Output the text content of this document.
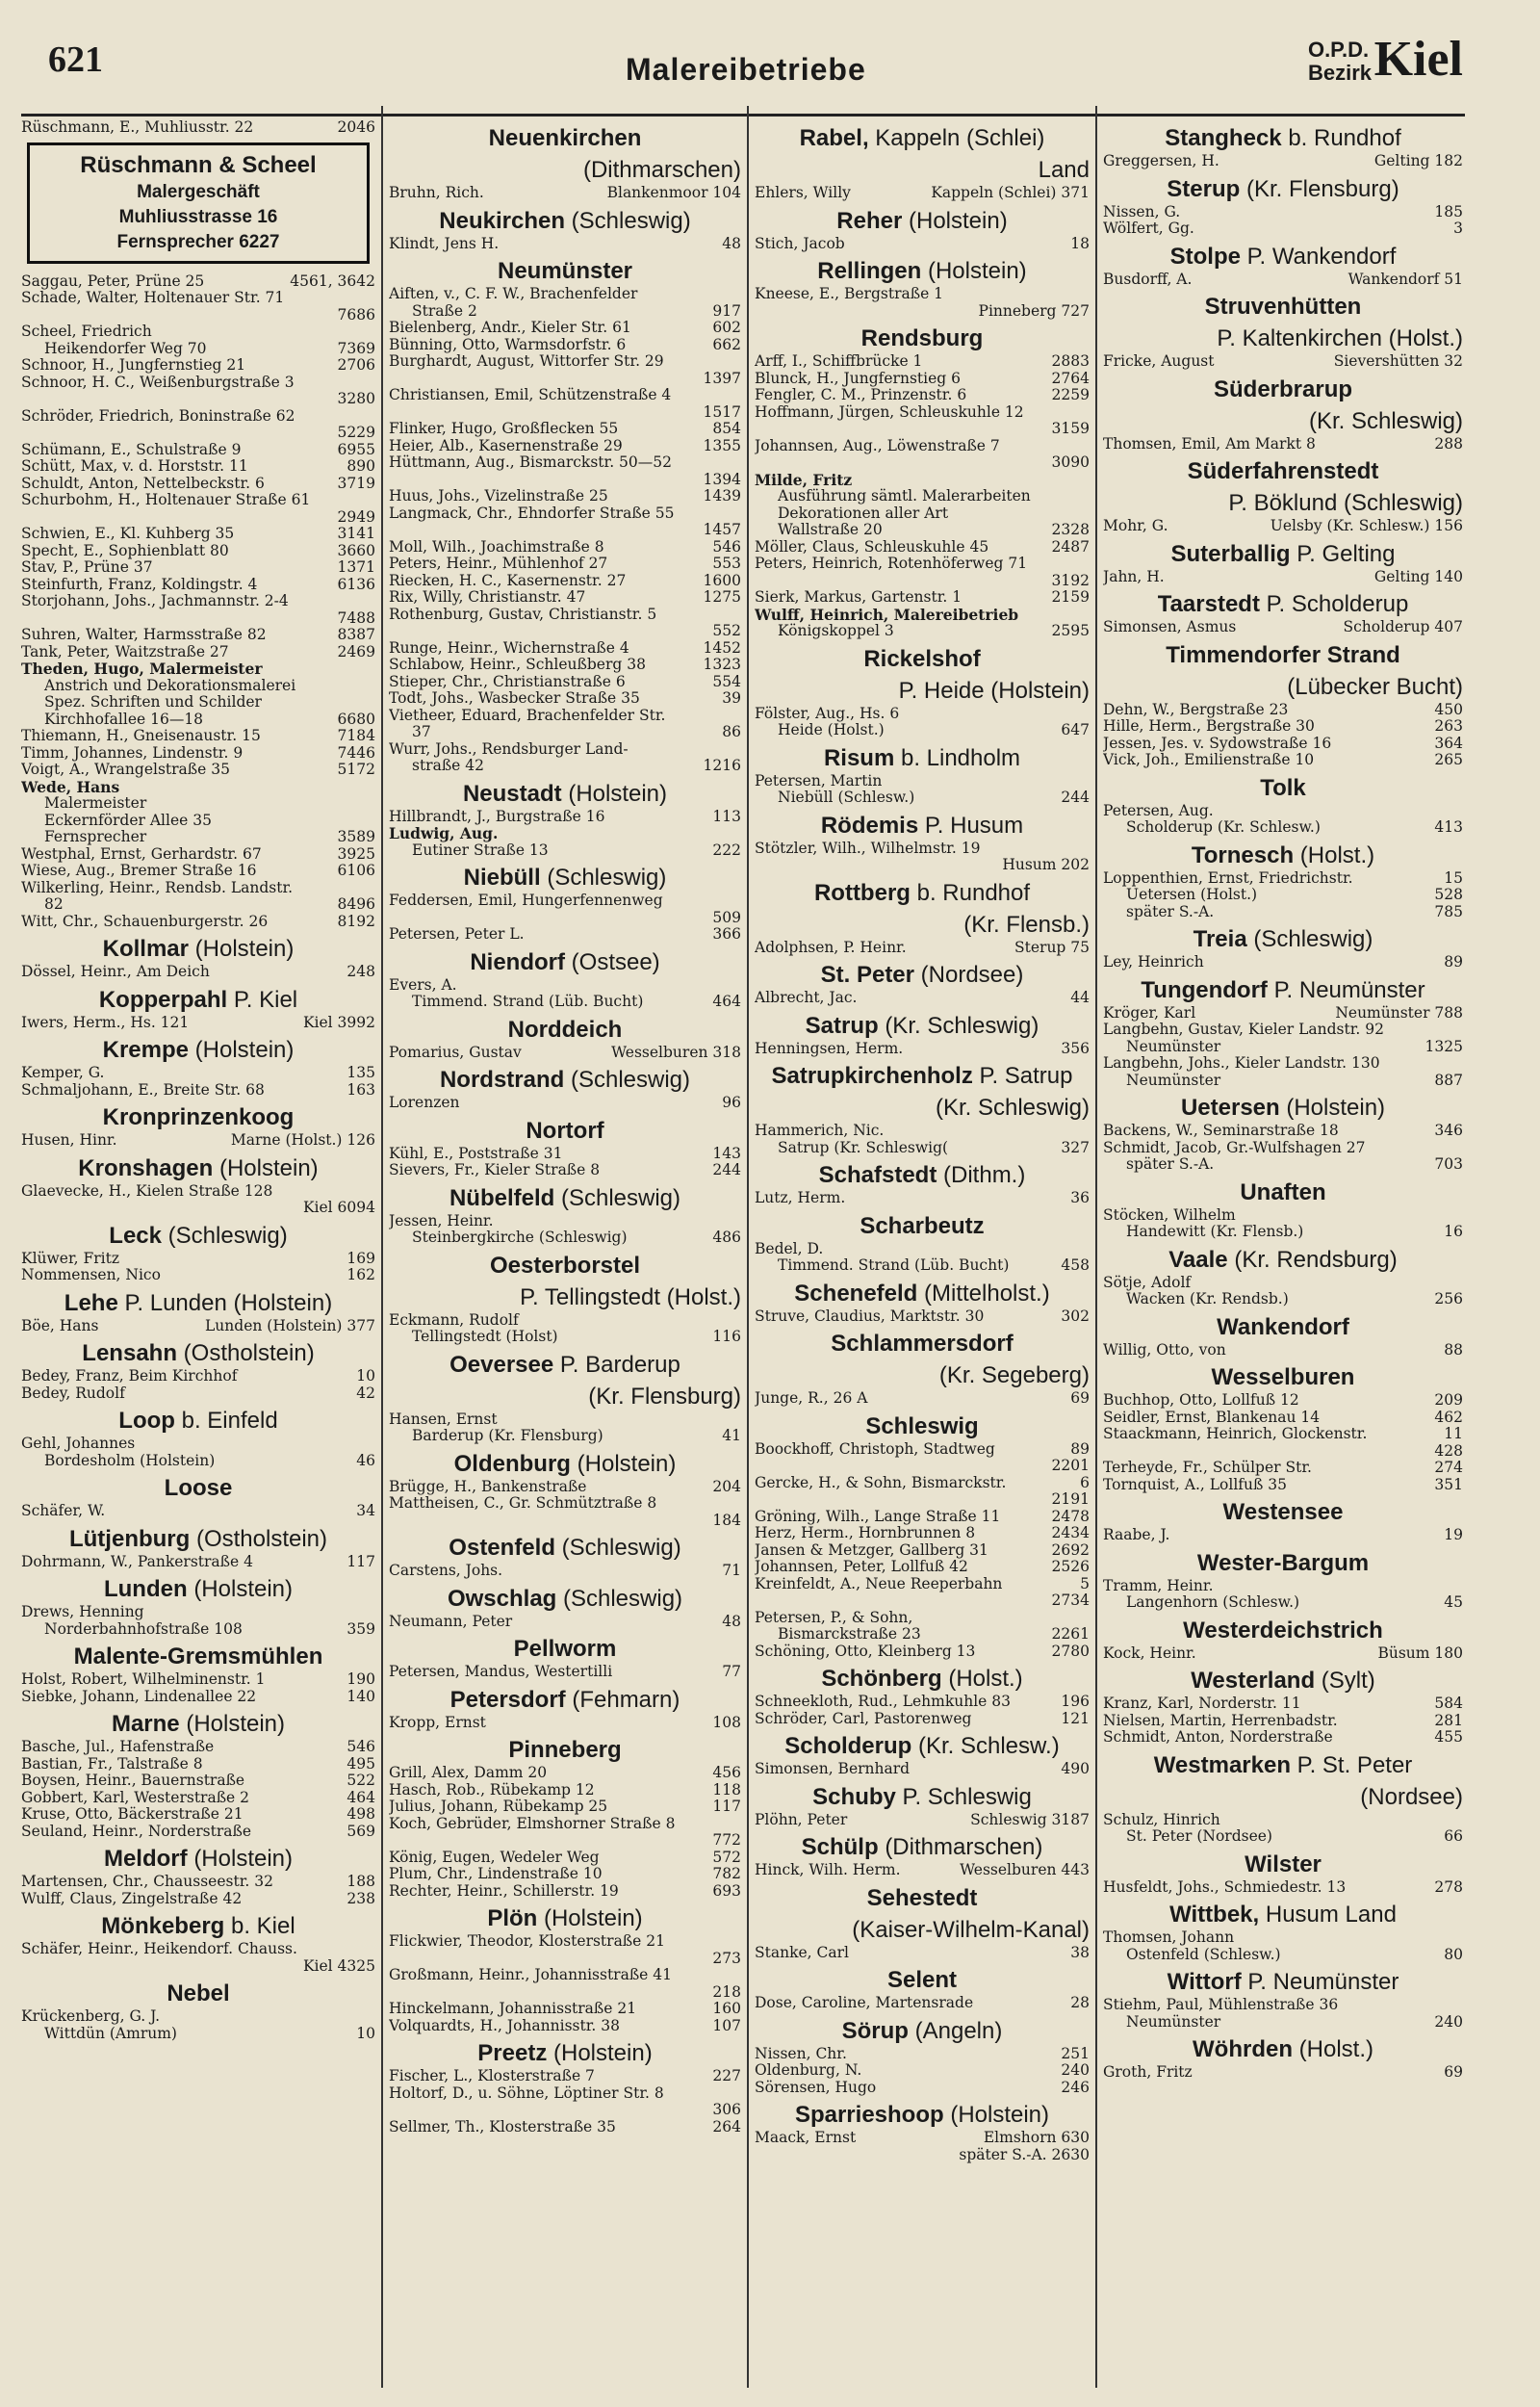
621	Malereibetriebe
O.P.D.
Bezirk Kiel
Rüschmann, E., Muhliusstr. 22	2046
Rüschmann & Scheel
Malergeschäft
Muhliusstrasse 16
Fernsprecher 6227
Saggau, Peter, Prüne 25	4561, 3642
Schade, Walter, Holtenauer Str. 71
7686
Scheel, Friedrich
Heikendorfer Weg 70	7369
Schnoor, H., Jungfernstieg 21	2706
Schnoor, H. C., Weißenburgstraße 3
3280
Schröder, Friedrich, Boninstraße 62
5229
Schümann, E., Schulstraße 9	6955
Schütt, Max, v. d. Horststr. 11	890
Schuldt, Anton, Nettelbeckstr. 6	3719
Schurbohm, H., Holtenauer Straße 61
2949
Schwien, E., Kl. Kuhberg 35	3141
Specht, E., Sophienblatt 80	3660
Stav, P., Prüne 37	1371
Steinfurth, Franz, Koldingstr. 4	6136
Storjohann, Johs., Jachmannstr. 2-4
7488
Suhren, Walter, Harmsstraße 82	8387
Tank, Peter, Waitzstraße 27	2469
Theden, Hugo, Malermeister
Anstrich und Dekorationsmalerei
Spez. Schriften und Schilder
Kirchhofallee 16—18	6680
Thiemann, H., Gneisenaustr. 15	7184
Timm, Johannes, Lindenstr. 9	7446
Voigt, A., Wrangelstraße 35	5172
Wede, Hans
Malermeister
Eckernförder Allee 35
Fernsprecher	3589
Westphal, Ernst, Gerhardstr. 67	3925
Wiese, Aug., Bremer Straße 16	6106
Wilkerling, Heinr., Rendsb. Landstr.
82	8496
Witt, Chr., Schauenburgerstr. 26	8192
Kollmar (Holstein)
Dössel, Heinr., Am Deich	248
Kopperpahl P. Kiel
Iwers, Herm., Hs. 121	Kiel 3992
Krempe (Holstein)
Kemper, G.	135
Schmaljohann, E., Breite Str. 68	163
Kronprinzenkoog
Husen, Hinr.	Marne (Holst.) 126
Kronshagen (Holstein)
Glaevecke, H., Kielen Straße 128
Kiel 6094
Leck (Schleswig)
Klüwer, Fritz	169
Nommensen, Nico	162
Lehe P. Lunden (Holstein)
Böe, Hans	Lunden (Holstein) 377
Lensahn (Ostholstein)
Bedey, Franz, Beim Kirchhof	10
Bedey, Rudolf	42
Loop b. Einfeld
Gehl, Johannes
Bordesholm (Holstein)	46
Loose
Schäfer, W.	34
Lütjenburg (Ostholstein)
Dohrmann, W., Pankerstraße 4	117
Lunden (Holstein)
Drews, Henning
Norderbahnhofstraße 108	359
Malente-Gremsmühlen
Holst, Robert, Wilhelminenstr. 1	190
Siebke, Johann, Lindenallee 22	140
Marne (Holstein)
Basche, Jul., Hafenstraße	546
Bastian, Fr., Talstraße 8	495
Boysen, Heinr., Bauernstraße	522
Gobbert, Karl, Westerstraße 2	464
Kruse, Otto, Bäckerstraße 21	498
Seuland, Heinr., Norderstraße	569
Meldorf (Holstein)
Martensen, Chr., Chausseestr. 32	188
Wulff, Claus, Zingelstraße 42	238
Mönkeberg b. Kiel
Schäfer, Heinr., Heikendorf. Chauss.
Kiel 4325
Nebel
Krückenberg, G. J.
Wittdün (Amrum)	10
Neuenkirchen
(Dithmarschen)
Bruhn, Rich.	Blankenmoor 104
Neukirchen (Schleswig)
Klindt, Jens H.	48
Neumünster
Aiften, v., C. F. W., Brachenfelder
Straße 2	917
Bielenberg, Andr., Kieler Str. 61	602
Bünning, Otto, Warmsdorfstr. 6	662
Burghardt, August, Wittorfer Str. 29
1397
Christiansen, Emil, Schützenstraße 4
1517
Flinker, Hugo, Großflecken 55	854
Heier, Alb., Kasernenstraße 29	1355
Hüttmann, Aug., Bismarckstr. 50—52
1394
Huus, Johs., Vizelinstraße 25	1439
Langmack, Chr., Ehndorfer Straße 55
1457
Moll, Wilh., Joachimstraße 8	546
Peters, Heinr., Mühlenhof 27	553
Riecken, H. C., Kasernenstr. 27	1600
Rix, Willy, Christianstr. 47	1275
Rothenburg, Gustav, Christianstr. 5
552
Runge, Heinr., Wichernstraße 4	1452
Schlabow, Heinr., Schleußberg 38	1323
Stieper, Chr., Christianstraße 6	554
Todt, Johs., Wasbecker Straße 35	39
Vietheer, Eduard, Brachenfelder Str.
37	86
Wurr, Johs., Rendsburger Land-
straße 42	1216
Neustadt (Holstein)
Hillbrandt, J., Burgstraße 16	113
Ludwig, Aug.
Eutiner Straße 13	222
Niebüll (Schleswig)
Feddersen, Emil, Hungerfennenweg
509
Petersen, Peter L.	366
Niendorf (Ostsee)
Evers, A.
Timmend. Strand (Lüb. Bucht)	464
Norddeich
Pomarius, Gustav	Wesselburen 318
Nordstrand (Schleswig)
Lorenzen	96
Nortorf
Kühl, E., Poststraße 31	143
Sievers, Fr., Kieler Straße 8	244
Nübelfeld (Schleswig)
Jessen, Heinr.
Steinbergkirche (Schleswig)	486
Oesterborstel
P. Tellingstedt (Holst.)
Eckmann, Rudolf
Tellingstedt (Holst)	116
Oeversee P. Barderup
(Kr. Flensburg)
Hansen, Ernst
Barderup (Kr. Flensburg)	41
Oldenburg (Holstein)
Brügge, H., Bankenstraße	204
Mattheisen, C., Gr. Schmütztraße 8
184
Ostenfeld (Schleswig)
Carstens, Johs.	71
Owschlag (Schleswig)
Neumann, Peter	48
Pellworm
Petersen, Mandus, Westertilli	77
Petersdorf (Fehmarn)
Kropp, Ernst	108
Pinneberg
Grill, Alex, Damm 20	456
Hasch, Rob., Rübekamp 12	118
Julius, Johann, Rübekamp 25	117
Koch, Gebrüder, Elmshorner Straße 8
772
König, Eugen, Wedeler Weg	572
Plum, Chr., Lindenstraße 10	782
Rechter, Heinr., Schillerstr. 19	693
Plön (Holstein)
Flickwier, Theodor, Klosterstraße 21
273
Großmann, Heinr., Johannisstraße 41
218
Hinckelmann, Johannisstraße 21	160
Volquardts, H., Johannisstr. 38	107
Preetz (Holstein)
Fischer, L., Klosterstraße 7	227
Holtorf, D., u. Söhne, Löptiner Str. 8
306
Sellmer, Th., Klosterstraße 35	264
Rabel, Kappeln (Schlei)
Land
Ehlers, Willy	Kappeln (Schlei) 371
Reher (Holstein)
Stich, Jacob	18
Rellingen (Holstein)
Kneese, E., Bergstraße 1
Pinneberg 727
Rendsburg
Arff, I., Schiffbrücke 1	2883
Blunck, H., Jungfernstieg 6	2764
Fengler, C. M., Prinzenstr. 6	2259
Hoffmann, Jürgen, Schleuskuhle 12
3159
Johannsen, Aug., Löwenstraße 7
3090
Milde, Fritz
Ausführung sämtl. Malerarbeiten
Dekorationen aller Art
Wallstraße 20	2328
Möller, Claus, Schleuskuhle 45	2487
Peters, Heinrich, Rotenhöferweg 71
3192
Sierk, Markus, Gartenstr. 1	2159
Wulff, Heinrich, Malereibetrieb
Königskoppel 3	2595
Rickelshof
P. Heide (Holstein)
Fölster, Aug., Hs. 6
Heide (Holst.)	647
Risum b. Lindholm
Petersen, Martin
Niebüll (Schlesw.)	244
Rödemis P. Husum
Stötzler, Wilh., Wilhelmstr. 19
Husum 202
Rottberg b. Rundhof
(Kr. Flensb.)
Adolphsen, P. Heinr.	Sterup 75
St. Peter (Nordsee)
Albrecht, Jac.	44
Satrup (Kr. Schleswig)
Henningsen, Herm.	356
Satrupkirchenholz P. Satrup
(Kr. Schleswig)
Hammerich, Nic.
Satrup (Kr. Schleswig(	327
Schafstedt (Dithm.)
Lutz, Herm.	36
Scharbeutz
Bedel, D.
Timmend. Strand (Lüb. Bucht)	458
Schenefeld (Mittelholst.)
Struve, Claudius, Marktstr. 30	302
Schlammersdorf
(Kr. Segeberg)
Junge, R., 26 A	69
Schleswig
Boockhoff, Christoph, Stadtweg	89
2201
Gercke, H., & Sohn, Bismarckstr.	6
2191
Gröning, Wilh., Lange Straße 11	2478
Herz, Herm., Hornbrunnen 8	2434
Jansen & Metzger, Gallberg 31	2692
Johannsen, Peter, Lollfuß 42	2526
Kreinfeldt, A., Neue Reeperbahn	5
2734
Petersen, P., & Sohn,
Bismarckstraße 23	2261
Schöning, Otto, Kleinberg 13	2780
Schönberg (Holst.)
Schneekloth, Rud., Lehmkuhle 83	196
Schröder, Carl, Pastorenweg	121
Scholderup (Kr. Schlesw.)
Simonsen, Bernhard	490
Schuby P. Schleswig
Plöhn, Peter	Schleswig 3187
Schülp (Dithmarschen)
Hinck, Wilh. Herm.	Wesselburen 443
Sehestedt
(Kaiser-Wilhelm-Kanal)
Stanke, Carl	38
Selent
Dose, Caroline, Martensrade	28
Sörup (Angeln)
Nissen, Chr.	251
Oldenburg, N.	240
Sörensen, Hugo	246
Sparrieshoop (Holstein)
Maack, Ernst	Elmshorn 630
später S.-A. 2630
Stangheck b. Rundhof
Greggersen, H.	Gelting 182
Sterup (Kr. Flensburg)
Nissen, G.	185
Wölfert, Gg.	3
Stolpe P. Wankendorf
Busdorff, A.	Wankendorf 51
Struvenhütten
P. Kaltenkirchen (Holst.)
Fricke, August	Sievershütten 32
Süderbrarup
(Kr. Schleswig)
Thomsen, Emil, Am Markt 8	288
Süderfahrenstedt
P. Böklund (Schleswig)
Mohr, G.	Uelsby (Kr. Schlesw.) 156
Suterballig P. Gelting
Jahn, H.	Gelting 140
Taarstedt P. Scholderup
Simonsen, Asmus	Scholderup 407
Timmendorfer Strand
(Lübecker Bucht)
Dehn, W., Bergstraße 23	450
Hille, Herm., Bergstraße 30	263
Jessen, Jes. v. Sydowstraße 16	364
Vick, Joh., Emilienstraße 10	265
Tolk
Petersen, Aug.
Scholderup (Kr. Schlesw.)	413
Tornesch (Holst.)
Loppenthien, Ernst, Friedrichstr.	15
Uetersen (Holst.)	528
später S.-A.	785
Treia (Schleswig)
Ley, Heinrich	89
Tungendorf P. Neumünster
Kröger, Karl	Neumünster 788
Langbehn, Gustav, Kieler Landstr. 92
Neumünster	1325
Langbehn, Johs., Kieler Landstr. 130
Neumünster	887
Uetersen (Holstein)
Backens, W., Seminarstraße 18	346
Schmidt, Jacob, Gr.-Wulfshagen 27
später S.-A.	703
Unaften
Stöcken, Wilhelm
Handewitt (Kr. Flensb.)	16
Vaale (Kr. Rendsburg)
Sötje, Adolf
Wacken (Kr. Rendsb.)	256
Wankendorf
Willig, Otto, von	88
Wesselburen
Buchhop, Otto, Lollfuß 12	209
Seidler, Ernst, Blankenau 14	462
Staackmann, Heinrich, Glockenstr.	11
428
Terheyde, Fr., Schülper Str.	274
Tornquist, A., Lollfuß 35	351
Westensee
Raabe, J.	19
Wester-Bargum
Tramm, Heinr.
Langenhorn (Schlesw.)	45
Westerdeichstrich
Kock, Heinr.	Büsum 180
Westerland (Sylt)
Kranz, Karl, Norderstr. 11	584
Nielsen, Martin, Herrenbadstr.	281
Schmidt, Anton, Norderstraße	455
Westmarken P. St. Peter
(Nordsee)
Schulz, Hinrich
St. Peter (Nordsee)	66
Wilster
Husfeldt, Johs., Schmiedestr. 13	278
Wittbek, Husum Land
Thomsen, Johann
Ostenfeld (Schlesw.)	80
Wittorf P. Neumünster
Stiehm, Paul, Mühlenstraße 36
Neumünster	240
Wöhrden (Holst.)
Groth, Fritz	69
